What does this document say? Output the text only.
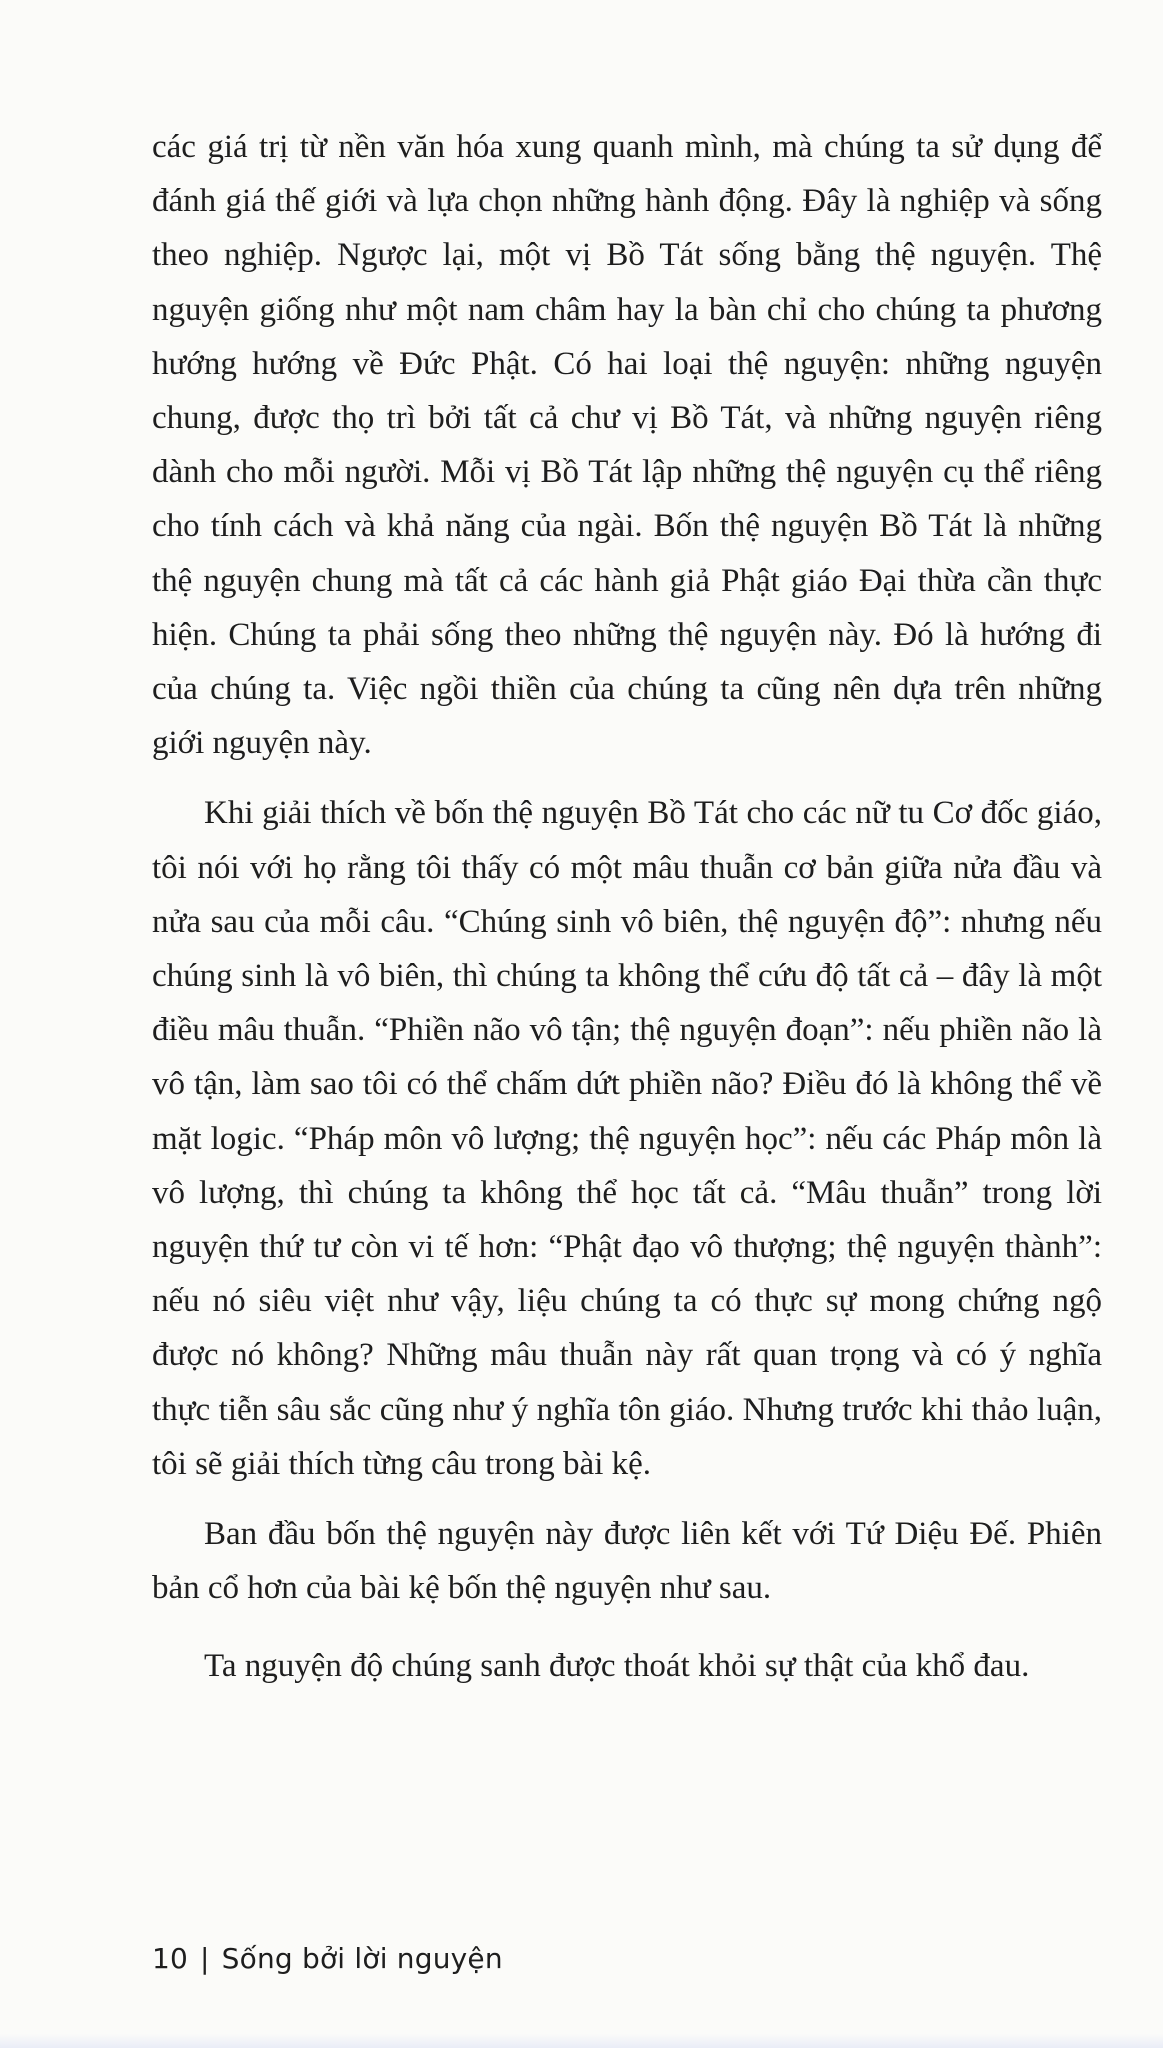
các giá trị từ nền văn hóa xung quanh mình, mà chúng ta sử dụng để đánh giá thế giới và lựa chọn những hành động. Đây là nghiệp và sống theo nghiệp. Ngược lại, một vị Bồ Tát sống bằng thệ nguyện. Thệ nguyện giống như một nam châm hay la bàn chỉ cho chúng ta phương hướng hướng về Đức Phật. Có hai loại thệ nguyện: những nguyện chung, được thọ trì bởi tất cả chư vị Bồ Tát, và những nguyện riêng dành cho mỗi người. Mỗi vị Bồ Tát lập những thệ nguyện cụ thể riêng cho tính cách và khả năng của ngài. Bốn thệ nguyện Bồ Tát là những thệ nguyện chung mà tất cả các hành giả Phật giáo Đại thừa cần thực hiện. Chúng ta phải sống theo những thệ nguyện này. Đó là hướng đi của chúng ta. Việc ngồi thiền của chúng ta cũng nên dựa trên những giới nguyện này.

Khi giải thích về bốn thệ nguyện Bồ Tát cho các nữ tu Cơ đốc giáo, tôi nói với họ rằng tôi thấy có một mâu thuẫn cơ bản giữa nửa đầu và nửa sau của mỗi câu. “Chúng sinh vô biên, thệ nguyện độ”: nhưng nếu chúng sinh là vô biên, thì chúng ta không thể cứu độ tất cả – đây là một điều mâu thuẫn. “Phiền não vô tận; thệ nguyện đoạn”: nếu phiền não là vô tận, làm sao tôi có thể chấm dứt phiền não? Điều đó là không thể về mặt logic. “Pháp môn vô lượng; thệ nguyện học”: nếu các Pháp môn là vô lượng, thì chúng ta không thể học tất cả. “Mâu thuẫn” trong lời nguyện thứ tư còn vi tế hơn: “Phật đạo vô thượng; thệ nguyện thành”: nếu nó siêu việt như vậy, liệu chúng ta có thực sự mong chứng ngộ được nó không? Những mâu thuẫn này rất quan trọng và có ý nghĩa thực tiễn sâu sắc cũng như ý nghĩa tôn giáo. Nhưng trước khi thảo luận, tôi sẽ giải thích từng câu trong bài kệ.

Ban đầu bốn thệ nguyện này được liên kết với Tứ Diệu Đế. Phiên bản cổ hơn của bài kệ bốn thệ nguyện như sau.

Ta nguyện độ chúng sanh được thoát khỏi sự thật của khổ đau.

10 | Sống bởi lời nguyện
